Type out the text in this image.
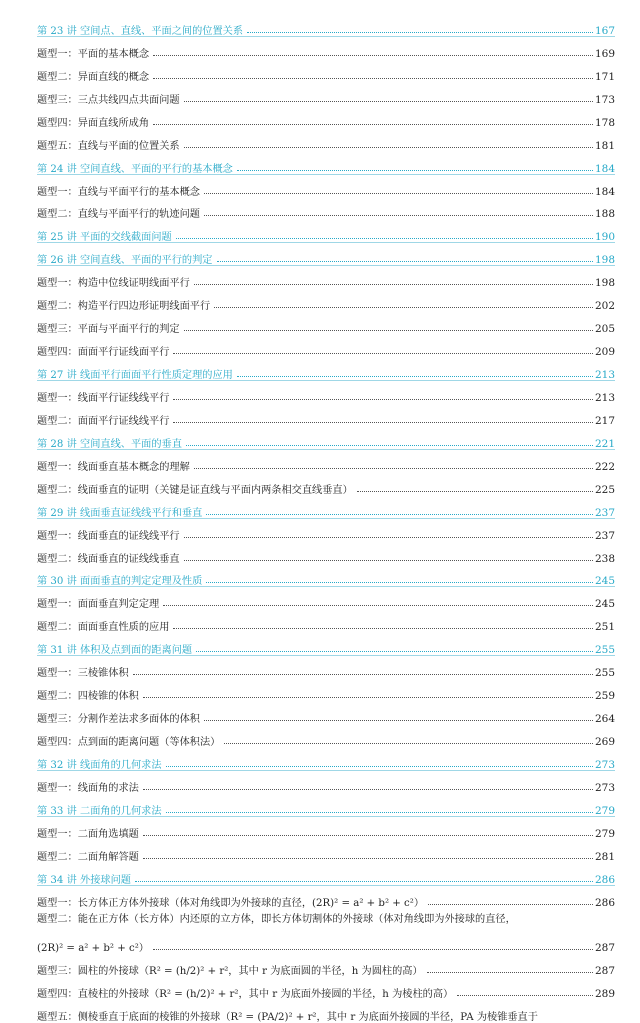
第 23 讲 空间点、直线、平面之间的位置关系	167
题型一：平面的基本概念	169
题型二：异面直线的概念	171
题型三：三点共线四点共面问题	173
题型四：异面直线所成角	178
题型五：直线与平面的位置关系	181
第 24 讲 空间直线、平面的平行的基本概念	184
题型一：直线与平面平行的基本概念	184
题型二：直线与平面平行的轨迹问题	188
第 25 讲 平面的交线截面问题	190
第 26 讲 空间直线、平面的平行的判定	198
题型一：构造中位线证明线面平行	198
题型二：构造平行四边形证明线面平行	202
题型三：平面与平面平行的判定	205
题型四：面面平行证线面平行	209
第 27 讲 线面平行面面平行性质定理的应用	213
题型一：线面平行证线线平行	213
题型二：面面平行证线线平行	217
第 28 讲 空间直线、平面的垂直	221
题型一：线面垂直基本概念的理解	222
题型二：线面垂直的证明（关键是证直线与平面内两条相交直线垂直）	225
第 29 讲 线面垂直证线线平行和垂直	237
题型一：线面垂直的证线线平行	237
题型二：线面垂直的证线线垂直	238
第 30 讲 面面垂直的判定定理及性质	245
题型一：面面垂直判定定理	245
题型二：面面垂直性质的应用	251
第 31 讲 体积及点到面的距离问题	255
题型一：三棱锥体积	255
题型二：四棱锥的体积	259
题型三：分割作差法求多面体的体积	264
题型四：点到面的距离问题（等体积法）	269
第 32 讲 线面角的几何求法	273
题型一：线面角的求法	273
第 33 讲 二面角的几何求法	279
题型一：二面角选填题	279
题型二：二面角解答题	281
第 34 讲 外接球问题	286
题型一：长方体正方体外接球（体对角线即为外接球的直径，(2R)² = a² + b² + c²）	286
题型二：能在正方体（长方体）内还原的立方体，即长方体切割体的外接球（体对角线即为外接球的直径，
(2R)² = a² + b² + c²）	287
题型三：圆柱的外接球（R² = (h/2)² + r²，其中 r 为底面圆的半径，h 为圆柱的高）	287
题型四：直棱柱的外接球（R² = (h/2)² + r²，其中 r 为底面外接圆的半径，h 为棱柱的高）	289
题型五：侧棱垂直于底面的棱锥的外接球（R² = (PA/2)² + r²，其中 r 为底面外接圆的半径，PA 为棱锥垂直于
